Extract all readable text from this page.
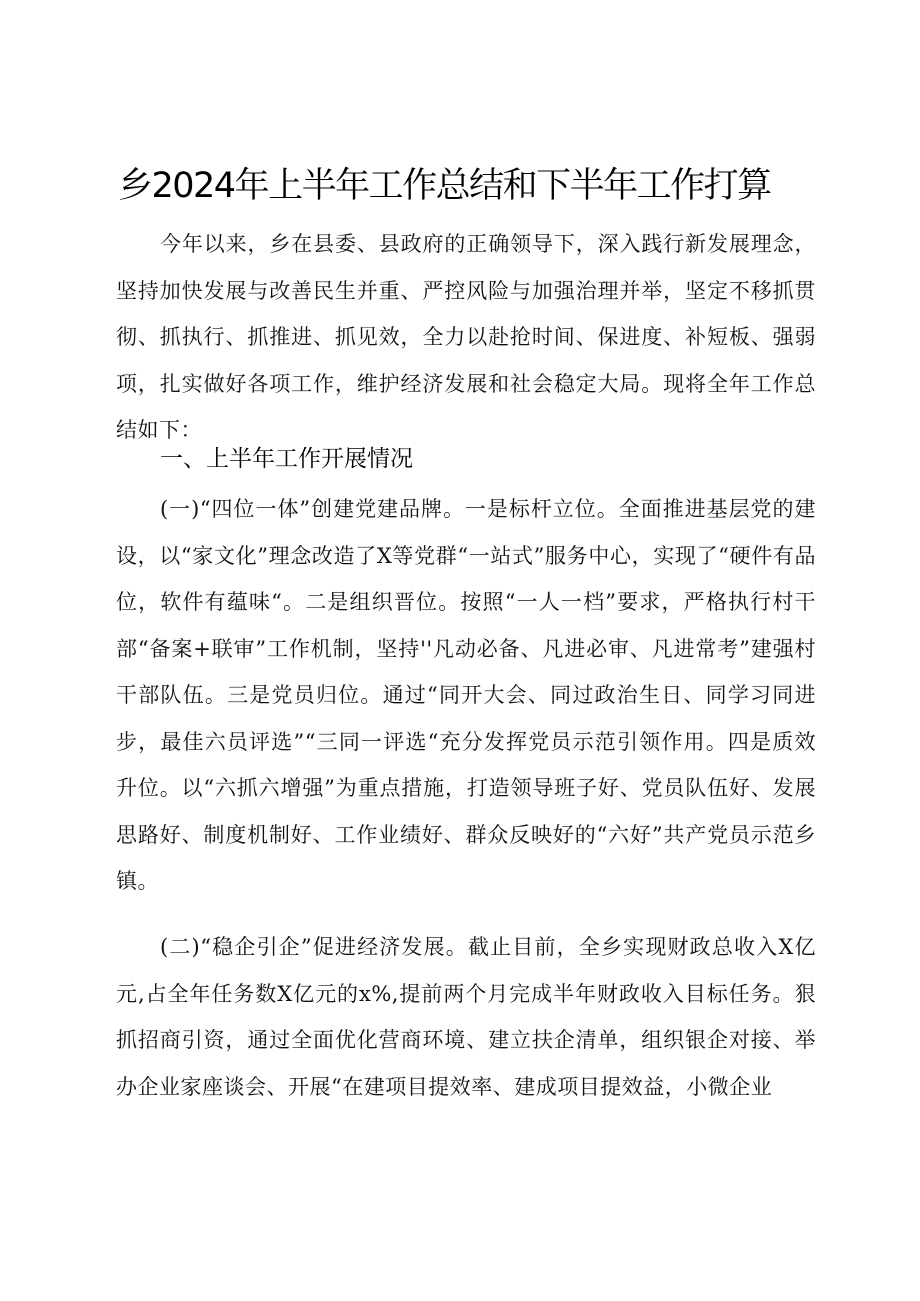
乡2024年上半年工作总结和下半年工作打算

今年以来，乡在县委、县政府的正确领导下，深入践行新发展理念，坚持加快发展与改善民生并重、严控风险与加强治理并举，坚定不移抓贯彻、抓执行、抓推进、抓见效，全力以赴抢时间、保进度、补短板、强弱项，扎实做好各项工作，维护经济发展和社会稳定大局。现将全年工作总结如下：

一、上半年工作开展情况

(一)“四位一体”创建党建品牌。一是标杆立位。全面推进基层党的建设，以“家文化”理念改造了X等党群“一站式”服务中心，实现了“硬件有品位，软件有蕴味“。二是组织晋位。按照“一人一档”要求，严格执行村干部“备案+联审”工作机制，坚持''凡动必备、凡进必审、凡进常考”建强村干部队伍。三是党员归位。通过“同开大会、同过政治生日、同学习同进步，最佳六员评选”“三同一评选“充分发挥党员示范引领作用。四是质效升位。以“六抓六增强”为重点措施，打造领导班子好、党员队伍好、发展思路好、制度机制好、工作业绩好、群众反映好的“六好”共产党员示范乡镇。

(二)“稳企引企”促进经济发展。截止目前，全乡实现财政总收入X亿元,占全年任务数X亿元的x%,提前两个月完成半年财政收入目标任务。狠抓招商引资，通过全面优化营商环境、建立扶企清单，组织银企对接、举办企业家座谈会、开展“在建项目提效率、建成项目提效益，小微企业
